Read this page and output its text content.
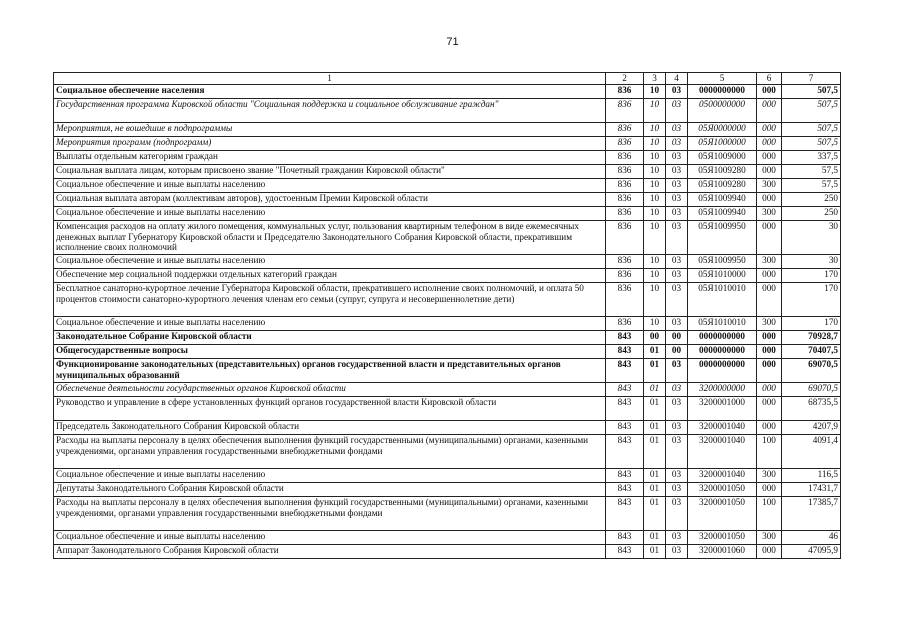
71
1	2	3	4	5	6	7
Социальное обеспечение населения	836	10	03	0000000000	000	507,5
Государственная программа Кировской области "Социальная поддержка и социальное обслуживание граждан"	836	10	03	0500000000	000	507,5
Мероприятия, не вошедшие в подпрограммы	836	10	03	05Я0000000	000	507,5
Мероприятия программ (подпрограмм)	836	10	03	05Я1000000	000	507,5
Выплаты отдельным категориям граждан	836	10	03	05Я1009000	000	337,5
Социальная выплата лицам, которым присвоено звание "Почетный гражданин Кировской области"	836	10	03	05Я1009280	000	57,5
Социальное обеспечение и иные выплаты населению	836	10	03	05Я1009280	300	57,5
Социальная выплата авторам (коллективам авторов), удостоенным Премии Кировской области	836	10	03	05Я1009940	000	250
Социальное обеспечение и иные выплаты населению	836	10	03	05Я1009940	300	250
Компенсация расходов на оплату жилого помещения, коммунальных услуг, пользования квартирным телефоном в виде ежемесячных денежных выплат Губернатору Кировской области и Председателю Законодательного Собрания Кировской области, прекратившим исполнение своих полномочий	836	10	03	05Я1009950	000	30
Социальное обеспечение и иные выплаты населению	836	10	03	05Я1009950	300	30
Обеспечение мер социальной поддержки отдельных категорий граждан	836	10	03	05Я1010000	000	170
Бесплатное санаторно-курортное лечение Губернатора Кировской области, прекратившего исполнение своих полномочий, и оплата 50 процентов стоимости санаторно-курортного лечения членам его семьи (супруг, супруга и несовершеннолетние дети)	836	10	03	05Я1010010	000	170
Социальное обеспечение и иные выплаты населению	836	10	03	05Я1010010	300	170
Законодательное Собрание Кировской области	843	00	00	0000000000	000	70928,7
Общегосударственные вопросы	843	01	00	0000000000	000	70407,5
Функционирование законодательных (представительных) органов государственной власти и представительных органов муниципальных образований	843	01	03	0000000000	000	69070,5
Обеспечение деятельности государственных органов Кировской области	843	01	03	3200000000	000	69070,5
Руководство и управление в сфере установленных функций органов государственной власти Кировской области	843	01	03	3200001000	000	68735,5
Председатель Законодательного Собрания Кировской области	843	01	03	3200001040	000	4207,9
Расходы на выплаты персоналу в целях обеспечения выполнения функций государственными (муниципальными) органами, казенными учреждениями, органами управления государственными внебюджетными фондами	843	01	03	3200001040	100	4091,4
Социальное обеспечение и иные выплаты населению	843	01	03	3200001040	300	116,5
Депутаты Законодательного Собрания Кировской области	843	01	03	3200001050	000	17431,7
Расходы на выплаты персоналу в целях обеспечения выполнения функций государственными (муниципальными) органами, казенными учреждениями, органами управления государственными внебюджетными фондами	843	01	03	3200001050	100	17385,7
Социальное обеспечение и иные выплаты населению	843	01	03	3200001050	300	46
Аппарат Законодательного Собрания Кировской области	843	01	03	3200001060	000	47095,9
